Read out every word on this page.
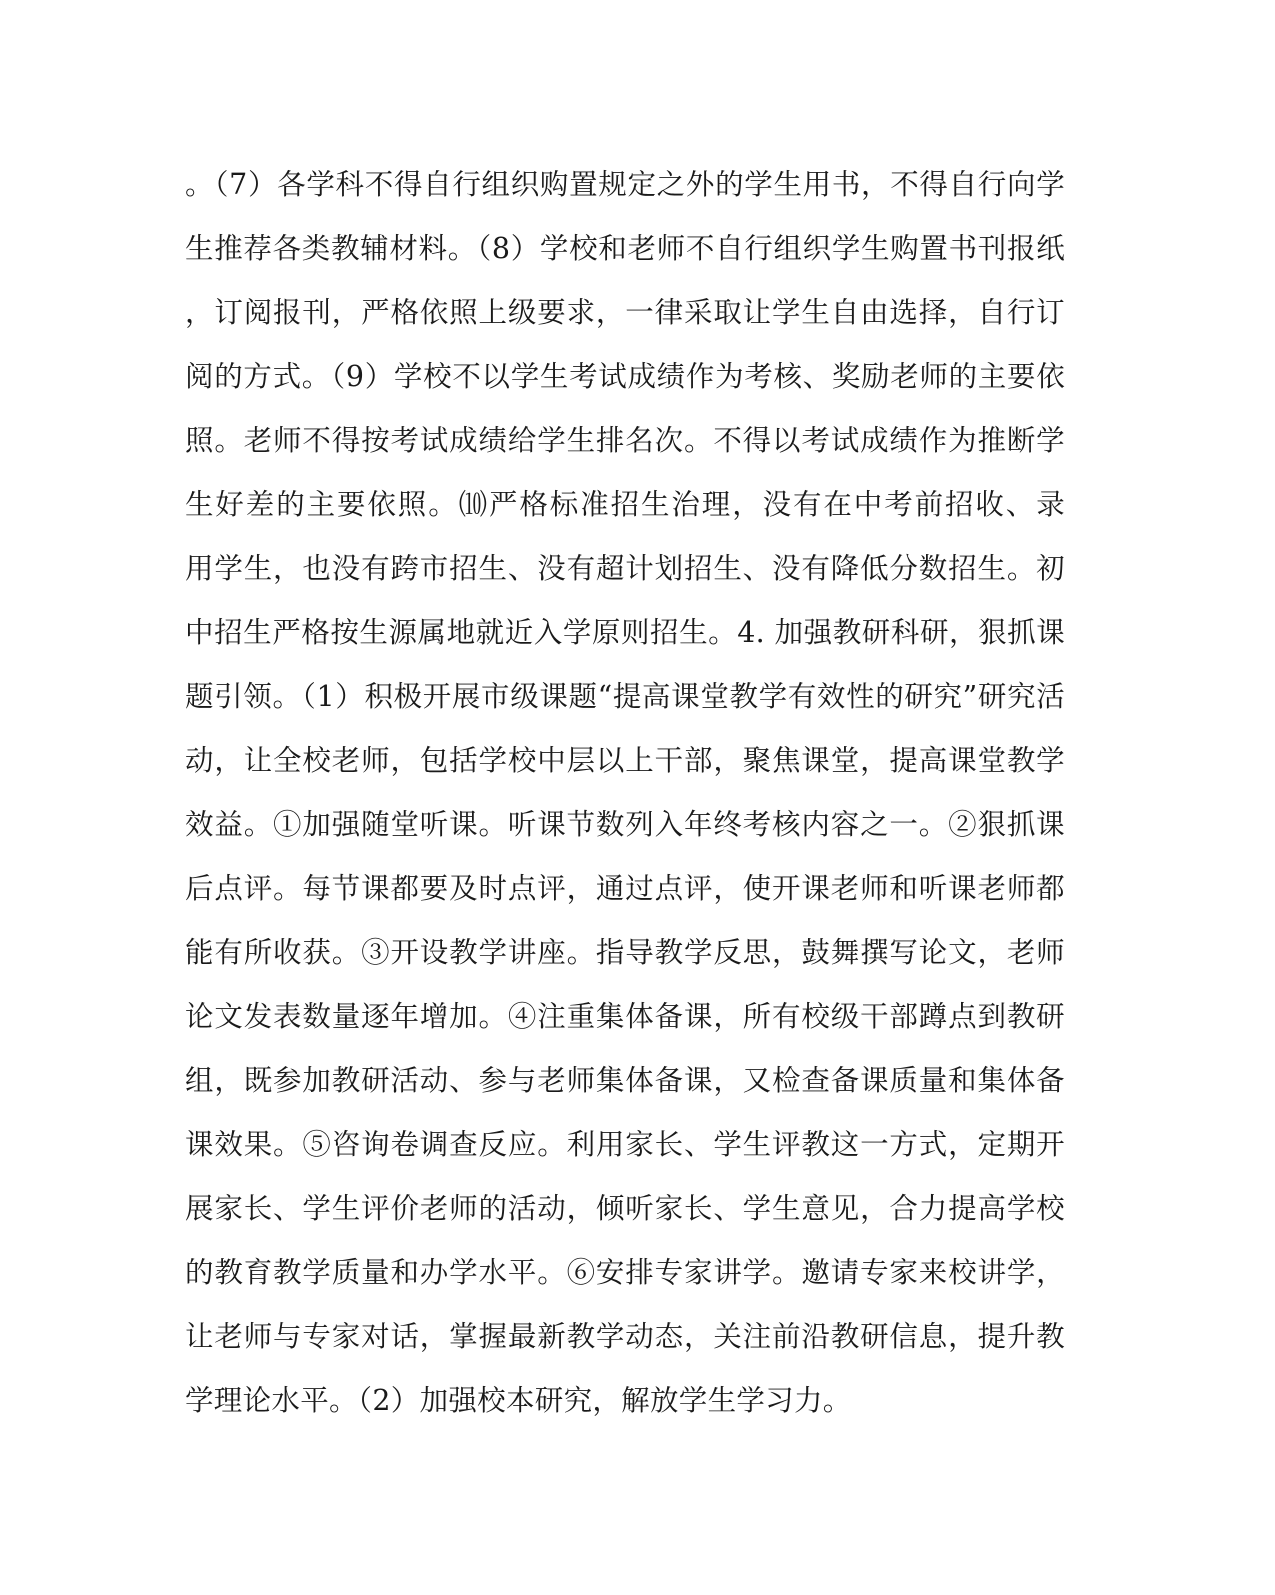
。（7）各学科不得自行组织购置规定之外的学生用书，不得自行向学
生推荐各类教辅材料。（8）学校和老师不自行组织学生购置书刊报纸
，订阅报刊，严格依照上级要求，一律采取让学生自由选择，自行订
阅的方式。（9）学校不以学生考试成绩作为考核、奖励老师的主要依
照。老师不得按考试成绩给学生排名次。不得以考试成绩作为推断学
生好差的主要依照。⑽严格标准招生治理，没有在中考前招收、录
用学生，也没有跨市招生、没有超计划招生、没有降低分数招生。初
中招生严格按生源属地就近入学原则招生。4. 加强教研科研，狠抓课
题引领。（1）积极开展市级课题“提高课堂教学有效性的研究”研究活
动，让全校老师，包括学校中层以上干部，聚焦课堂，提高课堂教学
效益。①加强随堂听课。听课节数列入年终考核内容之一。②狠抓课
后点评。每节课都要及时点评，通过点评，使开课老师和听课老师都
能有所收获。③开设教学讲座。指导教学反思，鼓舞撰写论文，老师
论文发表数量逐年增加。④注重集体备课，所有校级干部蹲点到教研
组，既参加教研活动、参与老师集体备课，又检查备课质量和集体备
课效果。⑤咨询卷调查反应。利用家长、学生评教这一方式，定期开
展家长、学生评价老师的活动，倾听家长、学生意见，合力提高学校
的教育教学质量和办学水平。⑥安排专家讲学。邀请专家来校讲学，
让老师与专家对话，掌握最新教学动态，关注前沿教研信息，提升教
学理论水平。（2）加强校本研究，解放学生学习力。
